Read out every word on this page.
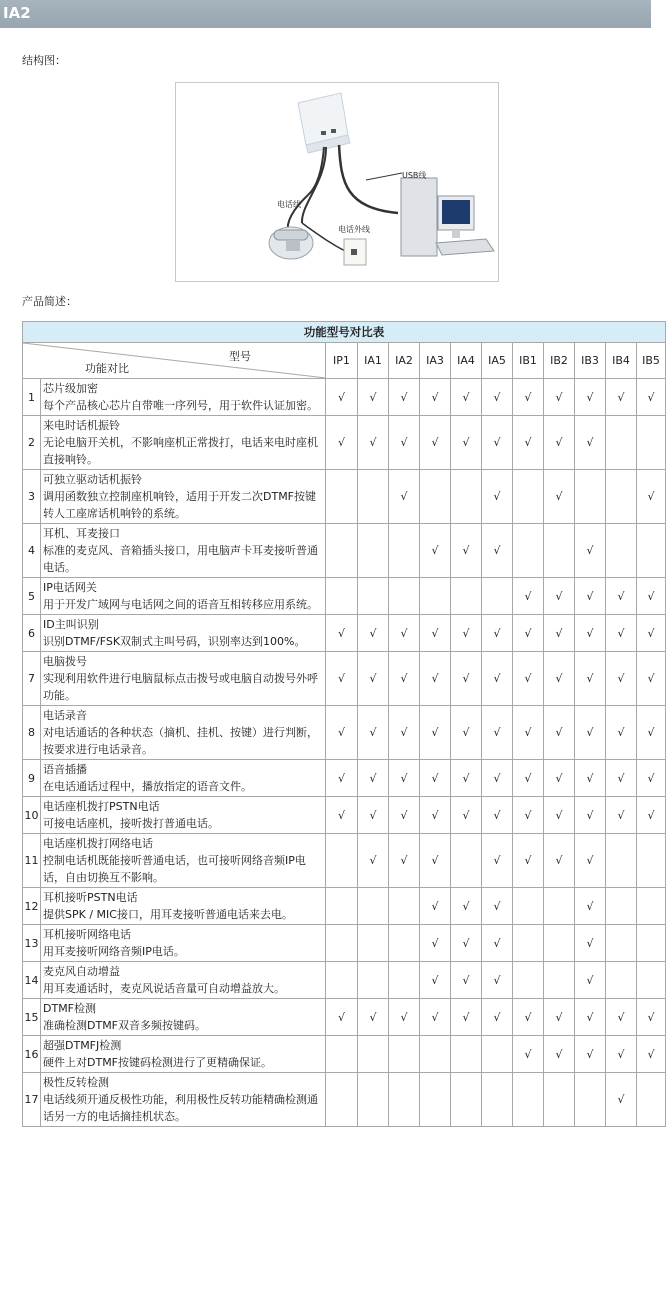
IA2
结构图：
USB线
电话线
电话外线
产品简述：
功能型号对比表												

型号
功能对比		IP1	IA1	IA2	IA3	IA4	IA5	IB1	IB2	IB3	IB4	IB5
1	芯片级加密
每个产品核心芯片自带唯一序列号，用于软件认证加密。	√	√	√	√	√	√	√	√	√	√	√
2	来电时话机振铃
无论电脑开关机，不影响座机正常拨打，电话来电时座机直接响铃。	√	√	√	√	√	√	√	√	√		
3	可独立驱动话机振铃
调用函数独立控制座机响铃，适用于开发二次DTMF按键转人工座席话机响铃的系统。			√			√		√			√
4	耳机、耳麦接口
标准的麦克风、音箱插头接口，用电脑声卡耳麦接听普通电话。				√	√	√			√		
5	IP电话网关
用于开发广域网与电话网之间的语音互相转移应用系统。							√	√	√	√	√
6	ID主叫识别
识别DTMF/FSK双制式主叫号码，识别率达到100%。	√	√	√	√	√	√	√	√	√	√	√
7	电脑拨号
实现利用软件进行电脑鼠标点击拨号或电脑自动拨号外呼功能。	√	√	√	√	√	√	√	√	√	√	√
8	电话录音
对电话通话的各种状态（摘机、挂机、按键）进行判断，按要求进行电话录音。	√	√	√	√	√	√	√	√	√	√	√
9	语音插播
在电话通话过程中，播放指定的语音文件。	√	√	√	√	√	√	√	√	√	√	√
10	电话座机拨打PSTN电话
可接电话座机，接听拨打普通电话。	√	√	√	√	√	√	√	√	√	√	√
11	电话座机拨打网络电话
控制电话机既能接听普通电话，也可接听网络音频IP电话，自由切换互不影响。		√	√	√		√	√	√	√		
12	耳机接听PSTN电话
提供SPK / MIC接口，用耳麦接听普通电话来去电。				√	√	√			√		
13	耳机接听网络电话
用耳麦接听网络音频IP电话。				√	√	√			√		
14	麦克风自动增益
用耳麦通话时，麦克风说话音量可自动增益放大。				√	√	√			√		
15	DTMF检测
准确检测DTMF双音多频按键码。	√	√	√	√	√	√	√	√	√	√	√
16	超强DTMFJ检测
硬件上对DTMF按键码检测进行了更精确保证。							√	√	√	√	√
17	极性反转检测
电话线须开通反极性功能，利用极性反转功能精确检测通话另一方的电话摘挂机状态。										√	
